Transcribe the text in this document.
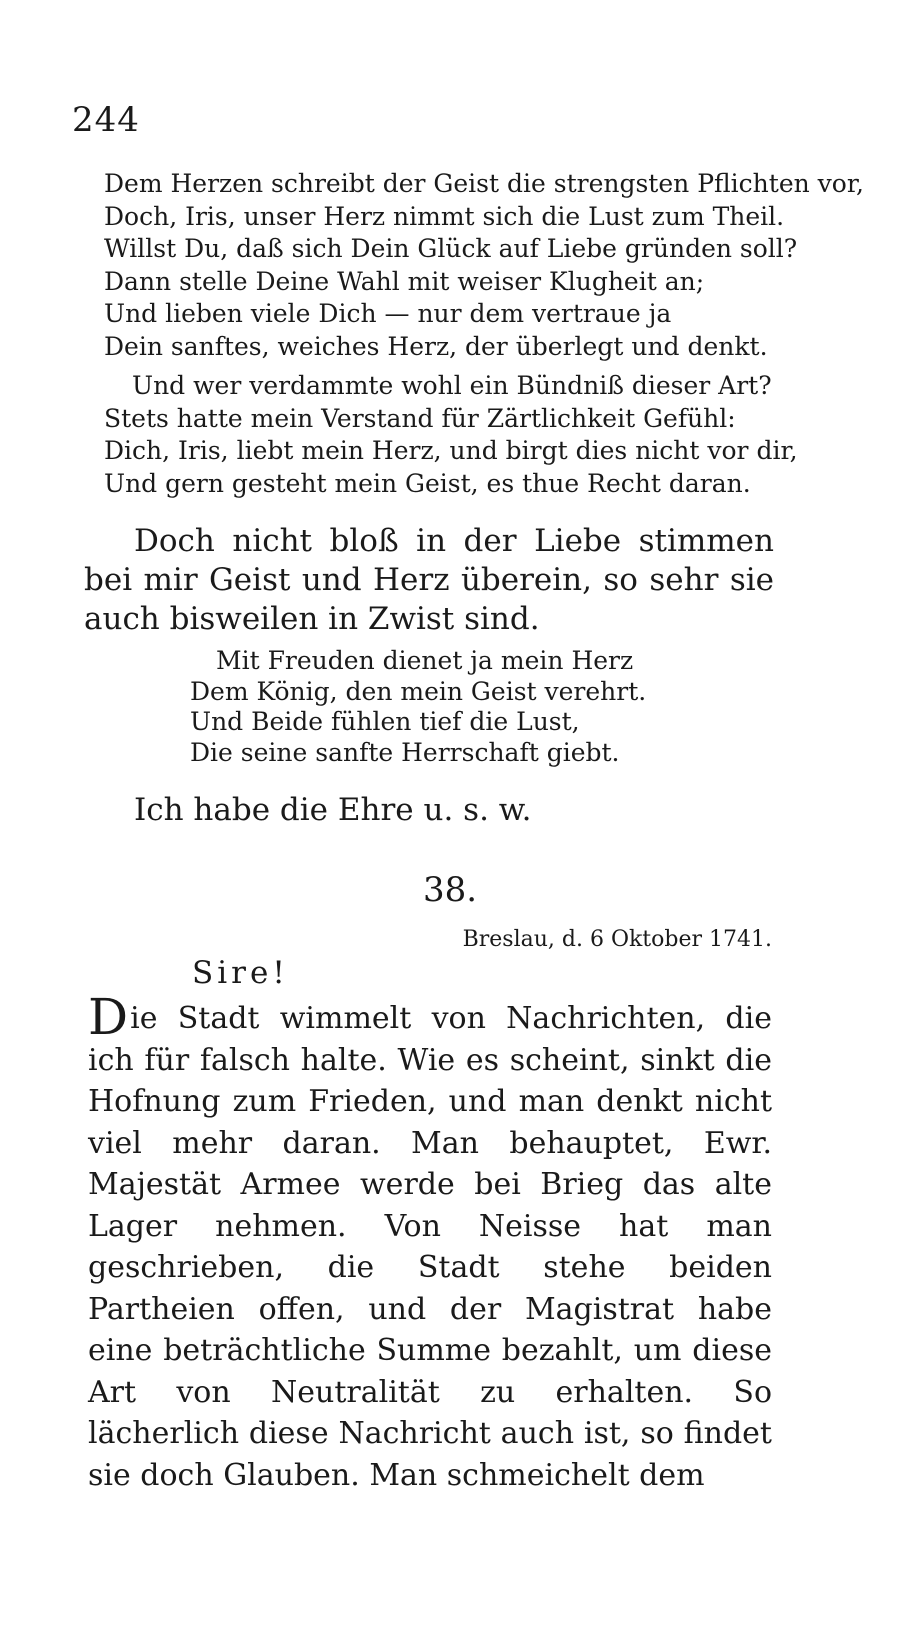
244
Dem Herzen schreibt der Geist die strengsten Pflichten vor,
Doch, Iris, unser Herz nimmt sich die Lust zum Theil.
Willst Du, daß sich Dein Glück auf Liebe gründen soll?
Dann stelle Deine Wahl mit weiser Klugheit an;
Und lieben viele Dich — nur dem vertraue ja
Dein sanftes, weiches Herz, der überlegt und denkt.
Und wer verdammte wohl ein Bündniß dieser Art?
Stets hatte mein Verstand für Zärtlichkeit Gefühl:
Dich, Iris, liebt mein Herz, und birgt dies nicht vor dir,
Und gern gesteht mein Geist, es thue Recht daran.

Doch nicht bloß in der Liebe stimmen bei mir Geist und Herz überein, so sehr sie auch bisweilen in Zwist sind.

Mit Freuden dienet ja mein Herz
Dem König, den mein Geist verehrt.
Und Beide fühlen tief die Lust,
Die seine sanfte Herrschaft giebt.

Ich habe die Ehre u. s. w.

38.

Breslau, d. 6 Oktober 1741.

Sire!

Die Stadt wimmelt von Nachrichten, die ich für falsch halte. Wie es scheint, sinkt die Hofnung zum Frieden, und man denkt nicht viel mehr daran. Man behauptet, Ewr. Majestät Armee werde bei Brieg das alte Lager nehmen. Von Neisse hat man geschrieben, die Stadt stehe beiden Partheien offen, und der Magistrat habe eine beträchtliche Summe bezahlt, um diese Art von Neutralität zu erhalten. So lächerlich diese Nachricht auch ist, so findet sie doch Glauben. Man schmeichelt dem
